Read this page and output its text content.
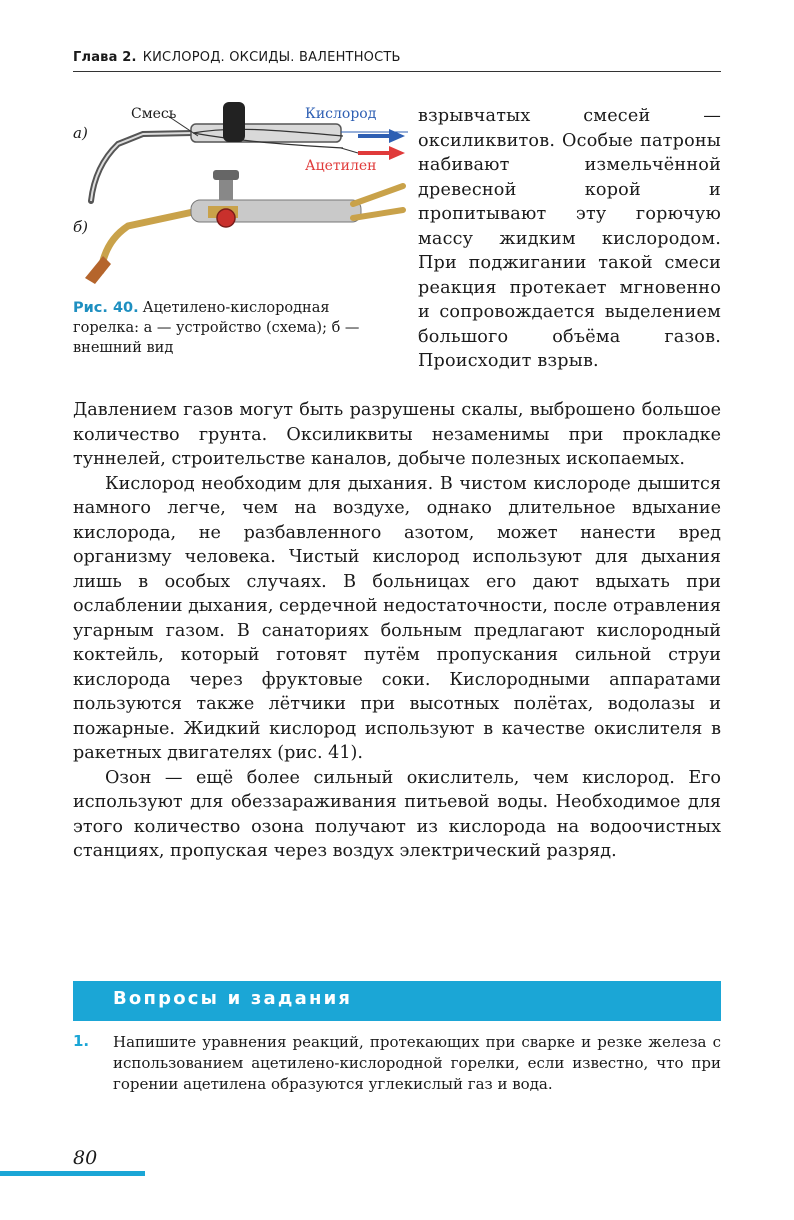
Глава 2. КИСЛОРОД. ОКСИДЫ. ВАЛЕНТНОСТЬ
а)
б)
Смесь	Кислород
Ацетилен
Рис. 40. Ацетилено-кислородная горелка: а — устройство (схема); б — внешний вид
взрывчатых смесей — оксиликвитов. Особые патроны набивают измельчённой древесной корой и пропитывают эту горючую массу жидким кислородом. При поджигании такой смеси реакция протекает мгновенно и сопровождается выделением большого объёма газов. Происходит взрыв.

Давлением газов могут быть разрушены скалы, выброшено большое количество грунта. Оксиликвиты незаменимы при прокладке туннелей, строительстве каналов, добыче полезных ископаемых.

Кислород необходим для дыхания. В чистом кислороде дышится намного легче, чем на воздухе, однако длительное вдыхание кислорода, не разбавленного азотом, может нанести вред организму человека. Чистый кислород используют для дыхания лишь в особых случаях. В больницах его дают вдыхать при ослаблении дыхания, сердечной недостаточности, после отравления угарным газом. В санаториях больным предлагают кислородный коктейль, который готовят путём пропускания сильной струи кислорода через фруктовые соки. Кислородными аппаратами пользуются также лётчики при высотных полётах, водолазы и пожарные. Жидкий кислород используют в качестве окислителя в ракетных двигателях (рис. 41).

Озон — ещё более сильный окислитель, чем кислород. Его используют для обеззараживания питьевой воды. Необходимое для этого количество озона получают из кислорода на водоочистных станциях, пропуская через воздух электрический разряд.

Вопросы и задания
1. Напишите уравнения реакций, протекающих при сварке и резке железа с использованием ацетилено-кислородной горелки, если известно, что при горении ацетилена образуются углекислый газ и вода.
80
